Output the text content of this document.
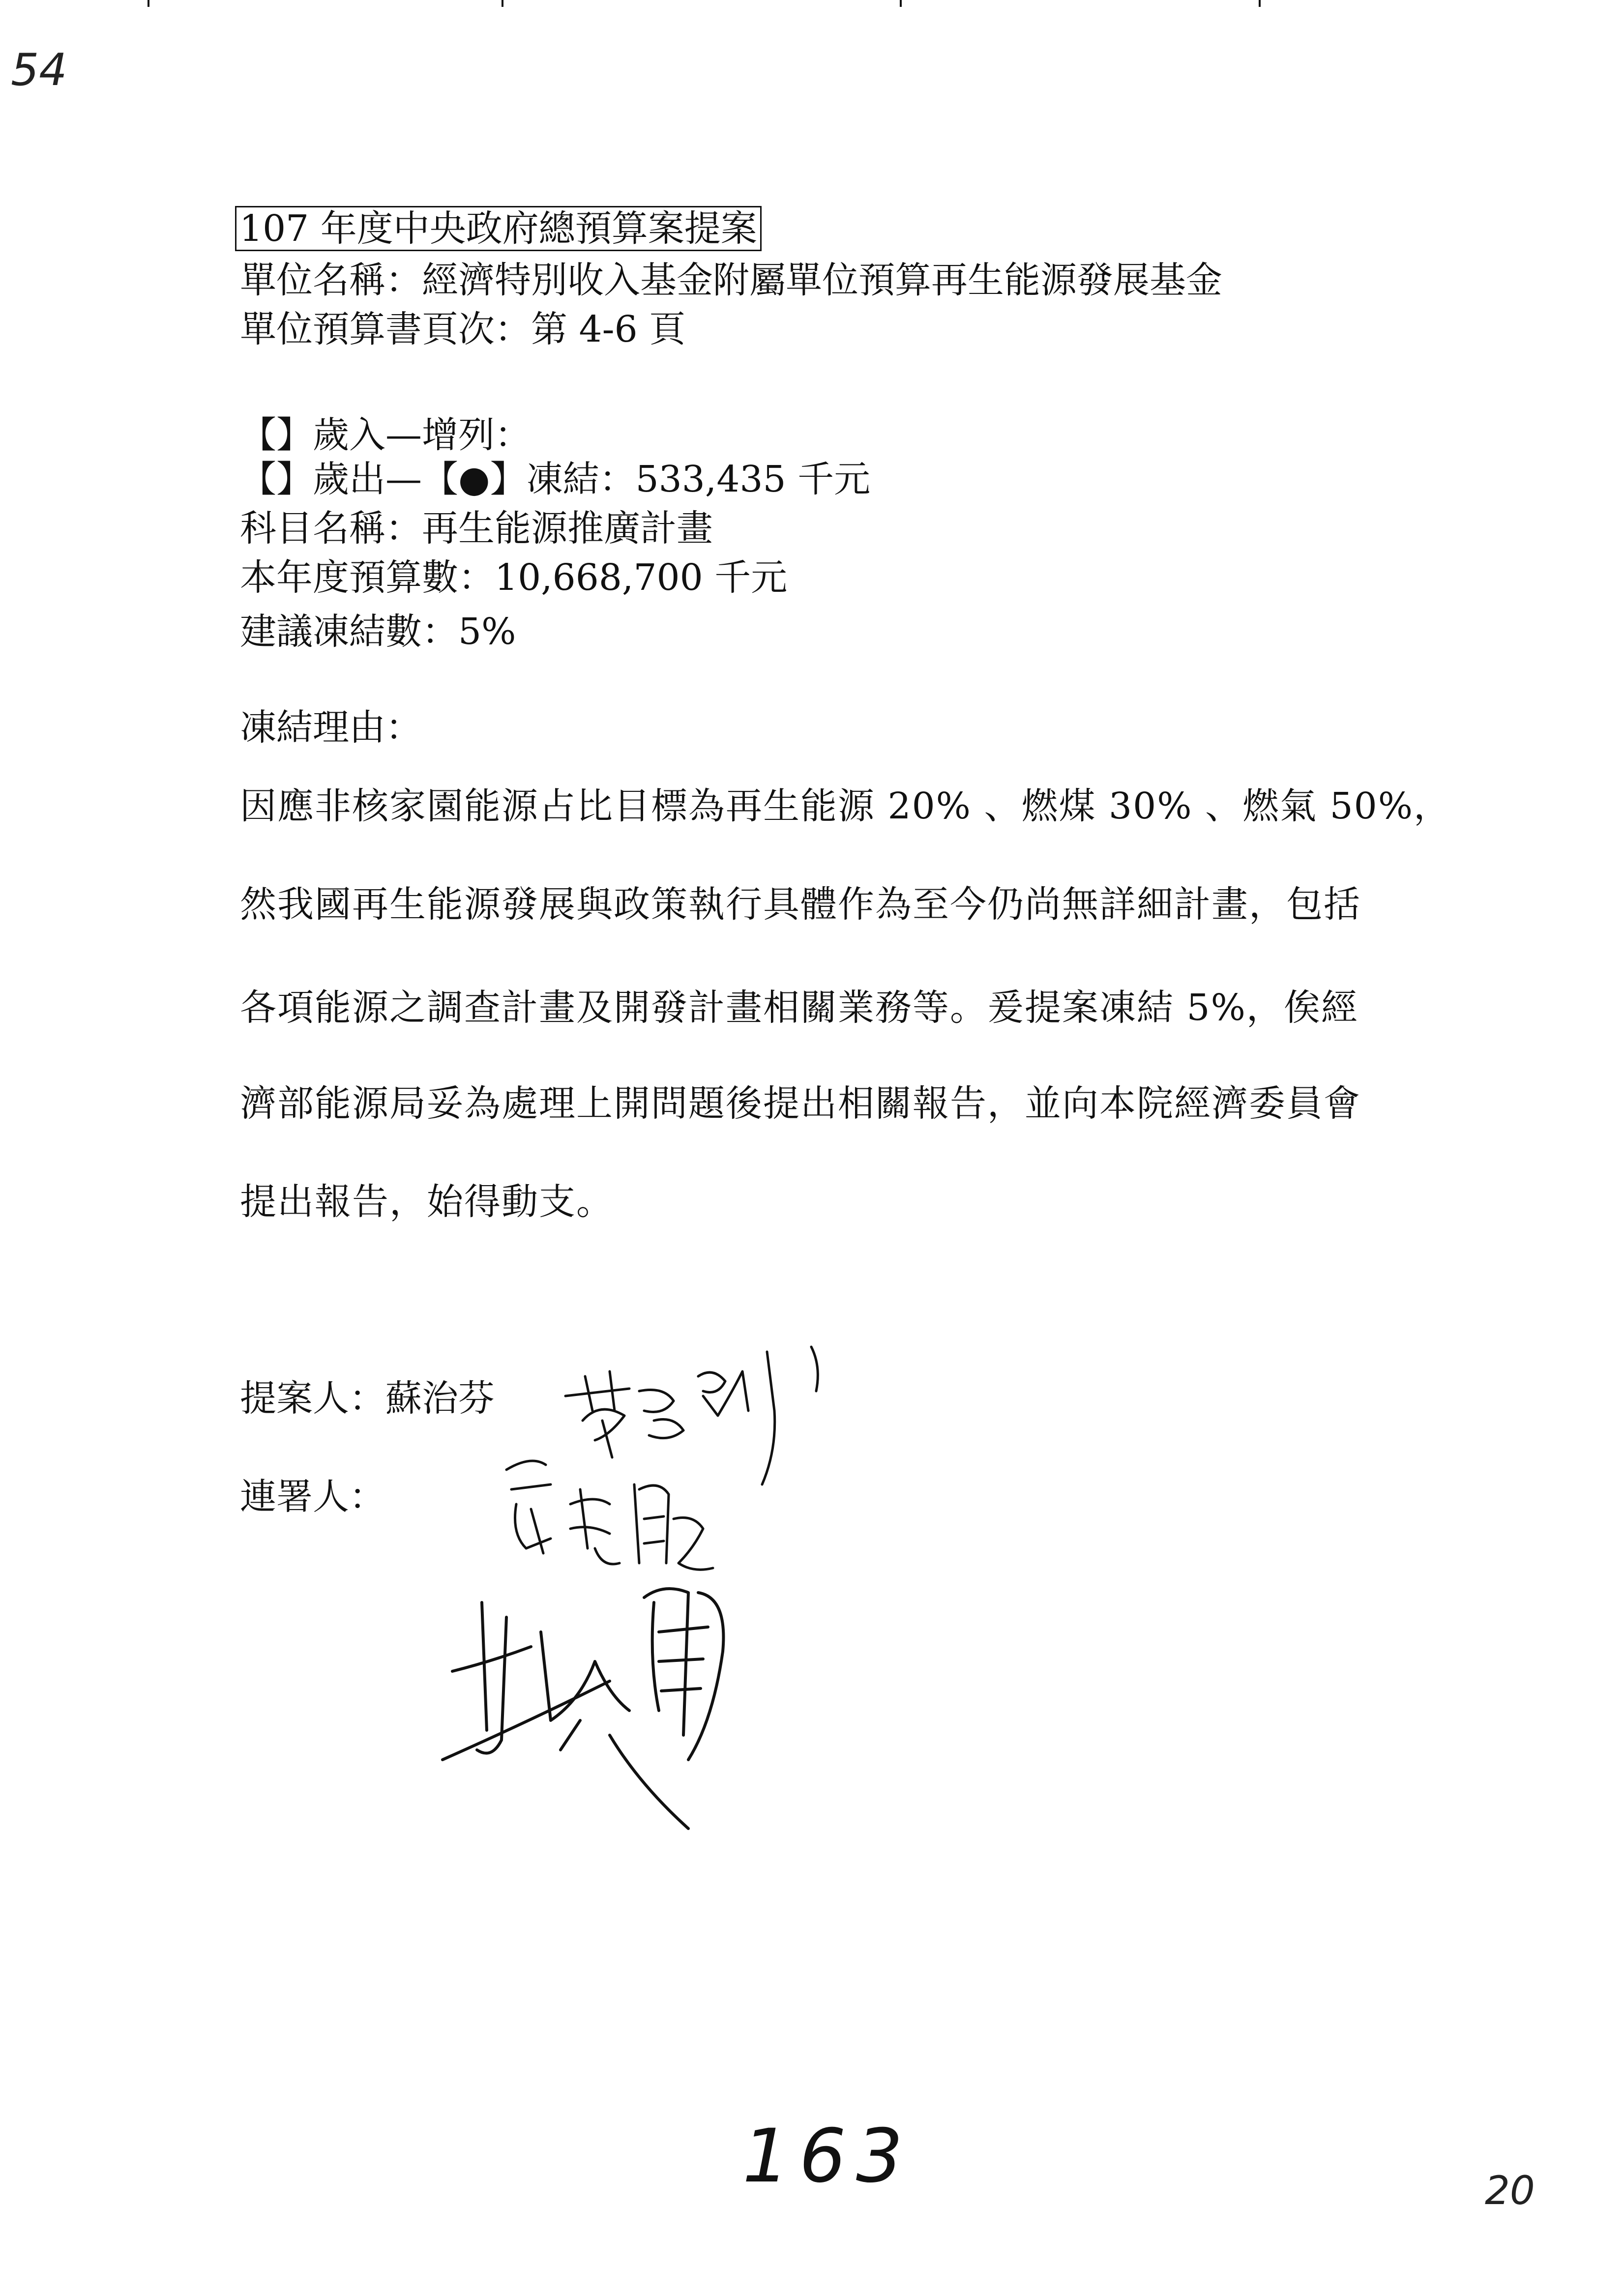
54
107 年度中央政府總預算案提案
單位名稱：經濟特別收入基金附屬單位預算再生能源發展基金
單位預算書頁次：第 4-6 頁
【】歲入—增列：
【】歲出—【●】凍結：533,435 千元
科目名稱：再生能源推廣計畫
本年度預算數：10,668,700 千元
建議凍結數：5%
凍結理由：
因應非核家園能源占比目標為再生能源 20% 、燃煤 30% 、燃氣 50%，
然我國再生能源發展與政策執行具體作為至今仍尚無詳細計畫，包括
各項能源之調查計畫及開發計畫相關業務等。爰提案凍結 5%，俟經
濟部能源局妥為處理上開問題後提出相關報告，並向本院經濟委員會
提出報告，始得動支。
提案人：蘇治芬
連署人：
163	20
